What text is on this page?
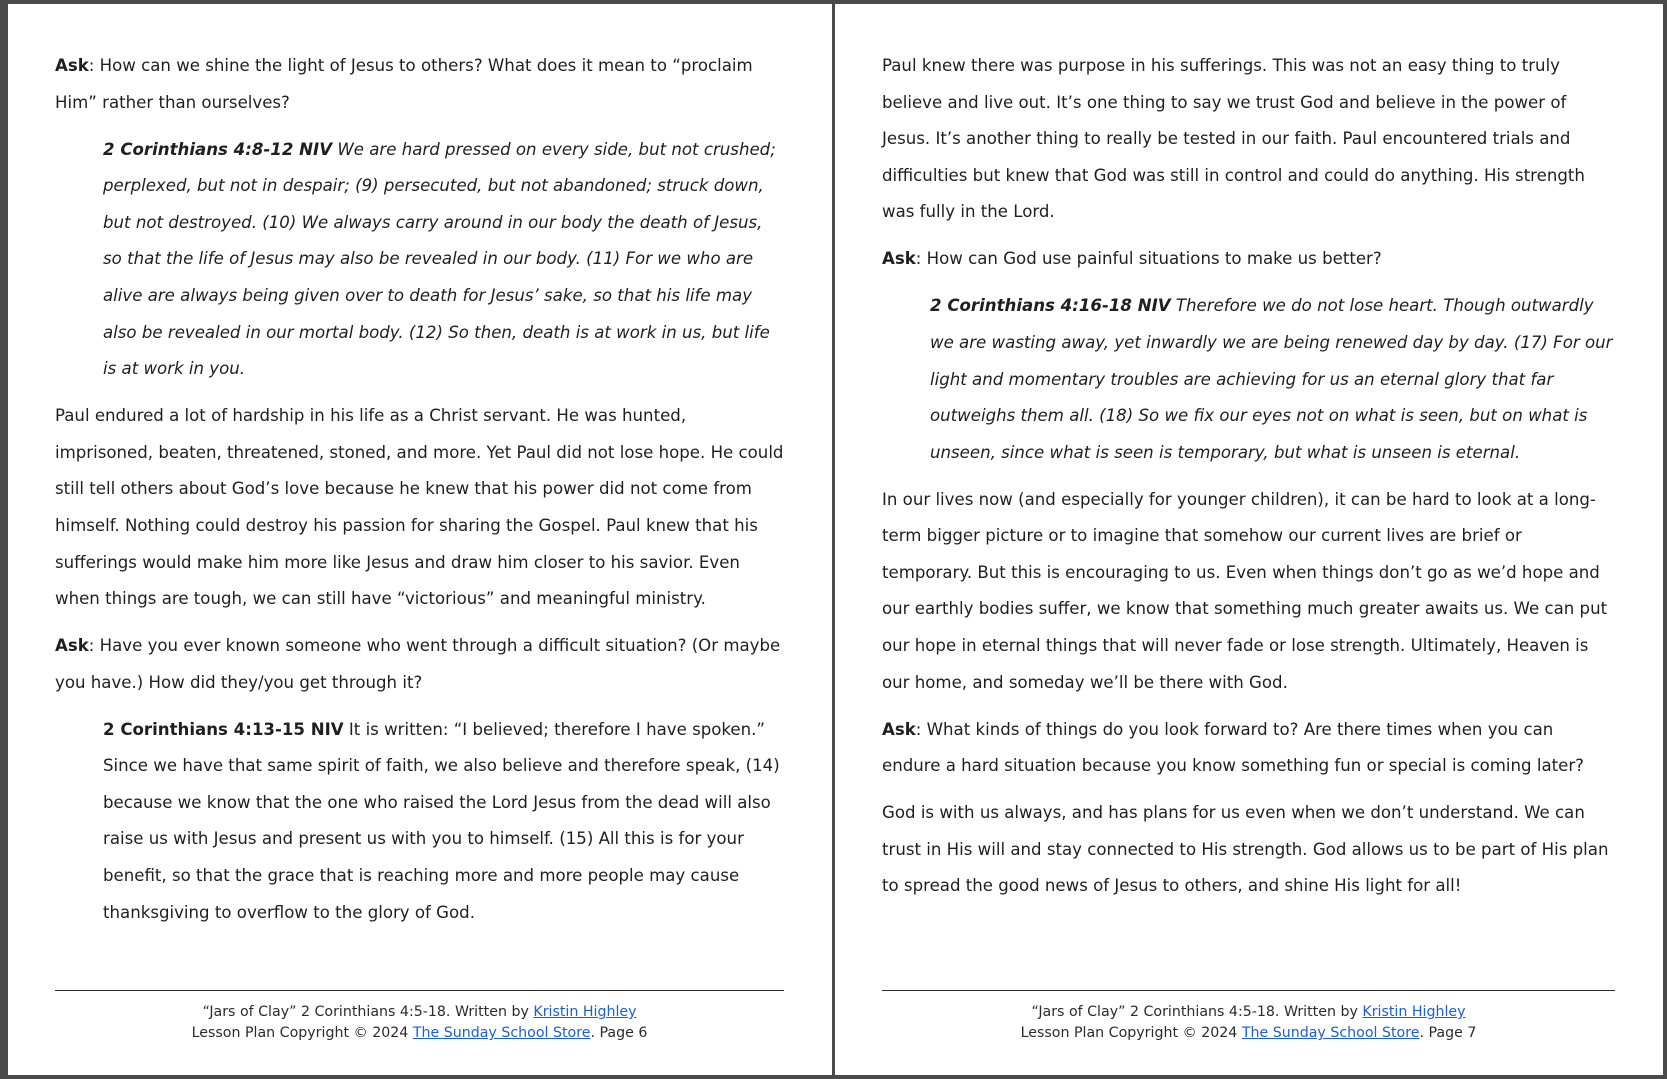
Ask: How can we shine the light of Jesus to others? What does it mean to “proclaim Him” rather than ourselves?

2 Corinthians 4:8-12 NIV We are hard pressed on every side, but not crushed; perplexed, but not in despair; (9) persecuted, but not abandoned; struck down, but not destroyed. (10) We always carry around in our body the death of Jesus, so that the life of Jesus may also be revealed in our body. (11) For we who are alive are always being given over to death for Jesus’ sake, so that his life may also be revealed in our mortal body. (12) So then, death is at work in us, but life is at work in you.

Paul endured a lot of hardship in his life as a Christ servant. He was hunted, imprisoned, beaten, threatened, stoned, and more. Yet Paul did not lose hope. He could still tell others about God’s love because he knew that his power did not come from himself. Nothing could destroy his passion for sharing the Gospel. Paul knew that his sufferings would make him more like Jesus and draw him closer to his savior. Even when things are tough, we can still have “victorious” and meaningful ministry.

Ask: Have you ever known someone who went through a difficult situation? (Or maybe you have.) How did they/you get through it?

2 Corinthians 4:13-15 NIV It is written: “I believed; therefore I have spoken.” Since we have that same spirit of faith, we also believe and therefore speak, (14) because we know that the one who raised the Lord Jesus from the dead will also raise us with Jesus and present us with you to himself. (15) All this is for your benefit, so that the grace that is reaching more and more people may cause thanksgiving to overflow to the glory of God.

“Jars of Clay” 2 Corinthians 4:5-18. Written by Kristin Highley
Lesson Plan Copyright © 2024 The Sunday School Store. Page 6

Paul knew there was purpose in his sufferings. This was not an easy thing to truly believe and live out. It’s one thing to say we trust God and believe in the power of Jesus. It’s another thing to really be tested in our faith. Paul encountered trials and difficulties but knew that God was still in control and could do anything. His strength was fully in the Lord.

Ask: How can God use painful situations to make us better?

2 Corinthians 4:16-18 NIV Therefore we do not lose heart. Though outwardly we are wasting away, yet inwardly we are being renewed day by day. (17) For our light and momentary troubles are achieving for us an eternal glory that far outweighs them all. (18) So we fix our eyes not on what is seen, but on what is unseen, since what is seen is temporary, but what is unseen is eternal.

In our lives now (and especially for younger children), it can be hard to look at a long-term bigger picture or to imagine that somehow our current lives are brief or temporary. But this is encouraging to us. Even when things don’t go as we’d hope and our earthly bodies suffer, we know that something much greater awaits us. We can put our hope in eternal things that will never fade or lose strength. Ultimately, Heaven is our home, and someday we’ll be there with God.

Ask: What kinds of things do you look forward to? Are there times when you can endure a hard situation because you know something fun or special is coming later?

God is with us always, and has plans for us even when we don’t understand. We can trust in His will and stay connected to His strength. God allows us to be part of His plan to spread the good news of Jesus to others, and shine His light for all!

“Jars of Clay” 2 Corinthians 4:5-18. Written by Kristin Highley
Lesson Plan Copyright © 2024 The Sunday School Store. Page 7
